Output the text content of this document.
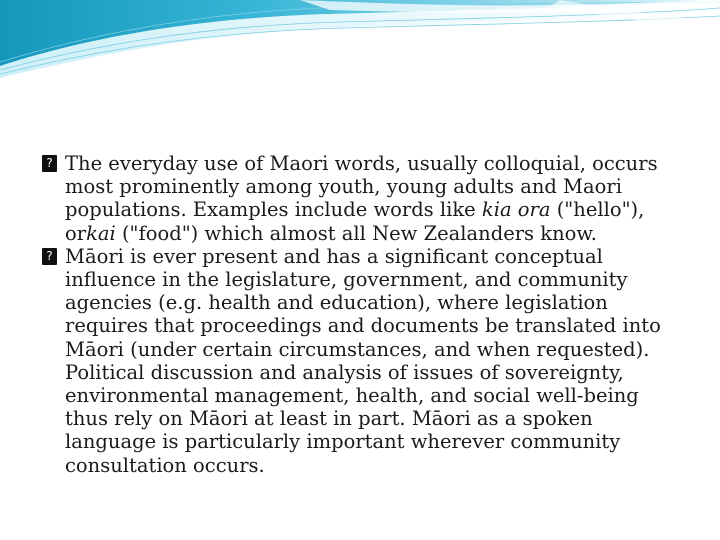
? The everyday use of Maori words, usually colloquial, occurs most prominently among youth, young adults and Maori populations. Examples include words like kia ora ("hello"), orkai ("food") which almost all New Zealanders know.

? Māori is ever present and has a significant conceptual influence in the legislature, government, and community agencies (e.g. health and education), where legislation requires that proceedings and documents be translated into Māori (under certain circumstances, and when requested). Political discussion and analysis of issues of sovereignty, environmental management, health, and social well-being thus rely on Māori at least in part. Māori as a spoken language is particularly important wherever community consultation occurs.
